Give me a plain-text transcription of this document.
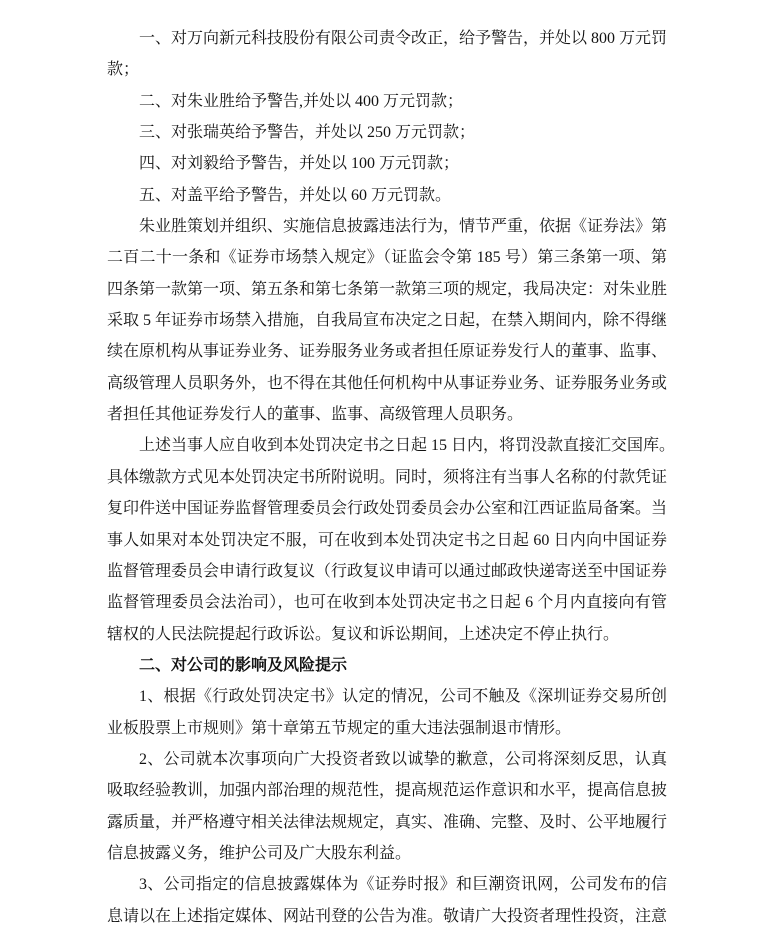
一、对万向新元科技股份有限公司责令改正，给予警告，并处以 800 万元罚
款；
二、对朱业胜给予警告,并处以 400 万元罚款；
三、对张瑞英给予警告，并处以 250 万元罚款；
四、对刘毅给予警告，并处以 100 万元罚款；
五、对盖平给予警告，并处以 60 万元罚款。
朱业胜策划并组织、实施信息披露违法行为，情节严重，依据《证券法》第
二百二十一条和《证券市场禁入规定》（证监会令第 185 号）第三条第一项、第
四条第一款第一项、第五条和第七条第一款第三项的规定，我局决定：对朱业胜
采取 5 年证券市场禁入措施，自我局宣布决定之日起，在禁入期间内，除不得继
续在原机构从事证券业务、证券服务业务或者担任原证券发行人的董事、监事、
高级管理人员职务外，也不得在其他任何机构中从事证券业务、证券服务业务或
者担任其他证券发行人的董事、监事、高级管理人员职务。
上述当事人应自收到本处罚决定书之日起 15 日内，将罚没款直接汇交国库。
具体缴款方式见本处罚决定书所附说明。同时，须将注有当事人名称的付款凭证
复印件送中国证券监督管理委员会行政处罚委员会办公室和江西证监局备案。当
事人如果对本处罚决定不服，可在收到本处罚决定书之日起 60 日内向中国证券
监督管理委员会申请行政复议（行政复议申请可以通过邮政快递寄送至中国证券
监督管理委员会法治司），也可在收到本处罚决定书之日起 6 个月内直接向有管
辖权的人民法院提起行政诉讼。复议和诉讼期间，上述决定不停止执行。
二、对公司的影响及风险提示
1、根据《行政处罚决定书》认定的情况，公司不触及《深圳证券交易所创
业板股票上市规则》第十章第五节规定的重大违法强制退市情形。
2、公司就本次事项向广大投资者致以诚挚的歉意，公司将深刻反思，认真
吸取经验教训，加强内部治理的规范性，提高规范运作意识和水平，提高信息披
露质量，并严格遵守相关法律法规规定，真实、准确、完整、及时、公平地履行
信息披露义务，维护公司及广大股东利益。
3、公司指定的信息披露媒体为《证券时报》和巨潮资讯网，公司发布的信
息请以在上述指定媒体、网站刊登的公告为准。敬请广大投资者理性投资，注意
